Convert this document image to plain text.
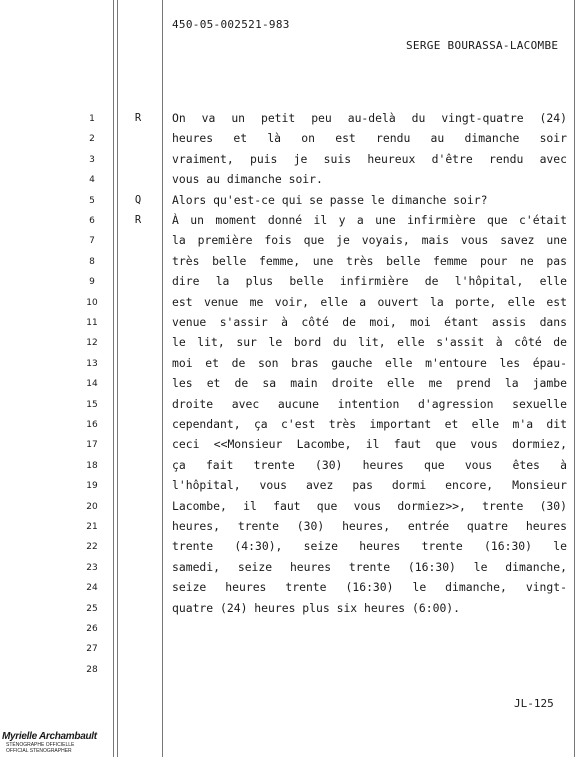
450-05-002521-983
SERGE BOURASSA-LACOMBE
1	R	On va un petit peu au-delà du vingt-quatre (24)
2	heures et là on est rendu au dimanche soir
3	vraiment, puis je suis heureux d'être rendu avec
4	vous au dimanche soir.
5	Q	Alors qu'est-ce qui se passe le dimanche soir?
6	R	À un moment donné il y a une infirmière que c'était
7	la première fois que je voyais, mais vous savez une
8	très belle femme, une très belle femme pour ne pas
9	dire la plus belle infirmière de l'hôpital, elle
10	est venue me voir, elle a ouvert la porte, elle est
11	venue s'assir à côté de moi, moi étant assis dans
12	le lit, sur le bord du lit, elle s'assit à côté de
13	moi et de son bras gauche elle m'entoure les épau-
14	les et de sa main droite elle me prend la jambe
15	droite avec aucune intention d'agression sexuelle
16	cependant, ça c'est très important et elle m'a dit
17	ceci <<Monsieur Lacombe, il faut que vous dormiez,
18	ça fait trente (30) heures que vous êtes à
19	l'hôpital, vous avez pas dormi encore, Monsieur
20	Lacombe, il faut que vous dormiez>>, trente (30)
21	heures, trente (30) heures, entrée quatre heures
22	trente (4:30), seize heures trente (16:30) le
23	samedi, seize heures trente (16:30) le dimanche,
24	seize heures trente (16:30) le dimanche, vingt-
25	quatre (24) heures plus six heures (6:00).
26
27
28
JL-125
Myrielle Archambault
STÉNOGRAPHE OFFICIELLE
OFFICIAL STENOGRAPHER
